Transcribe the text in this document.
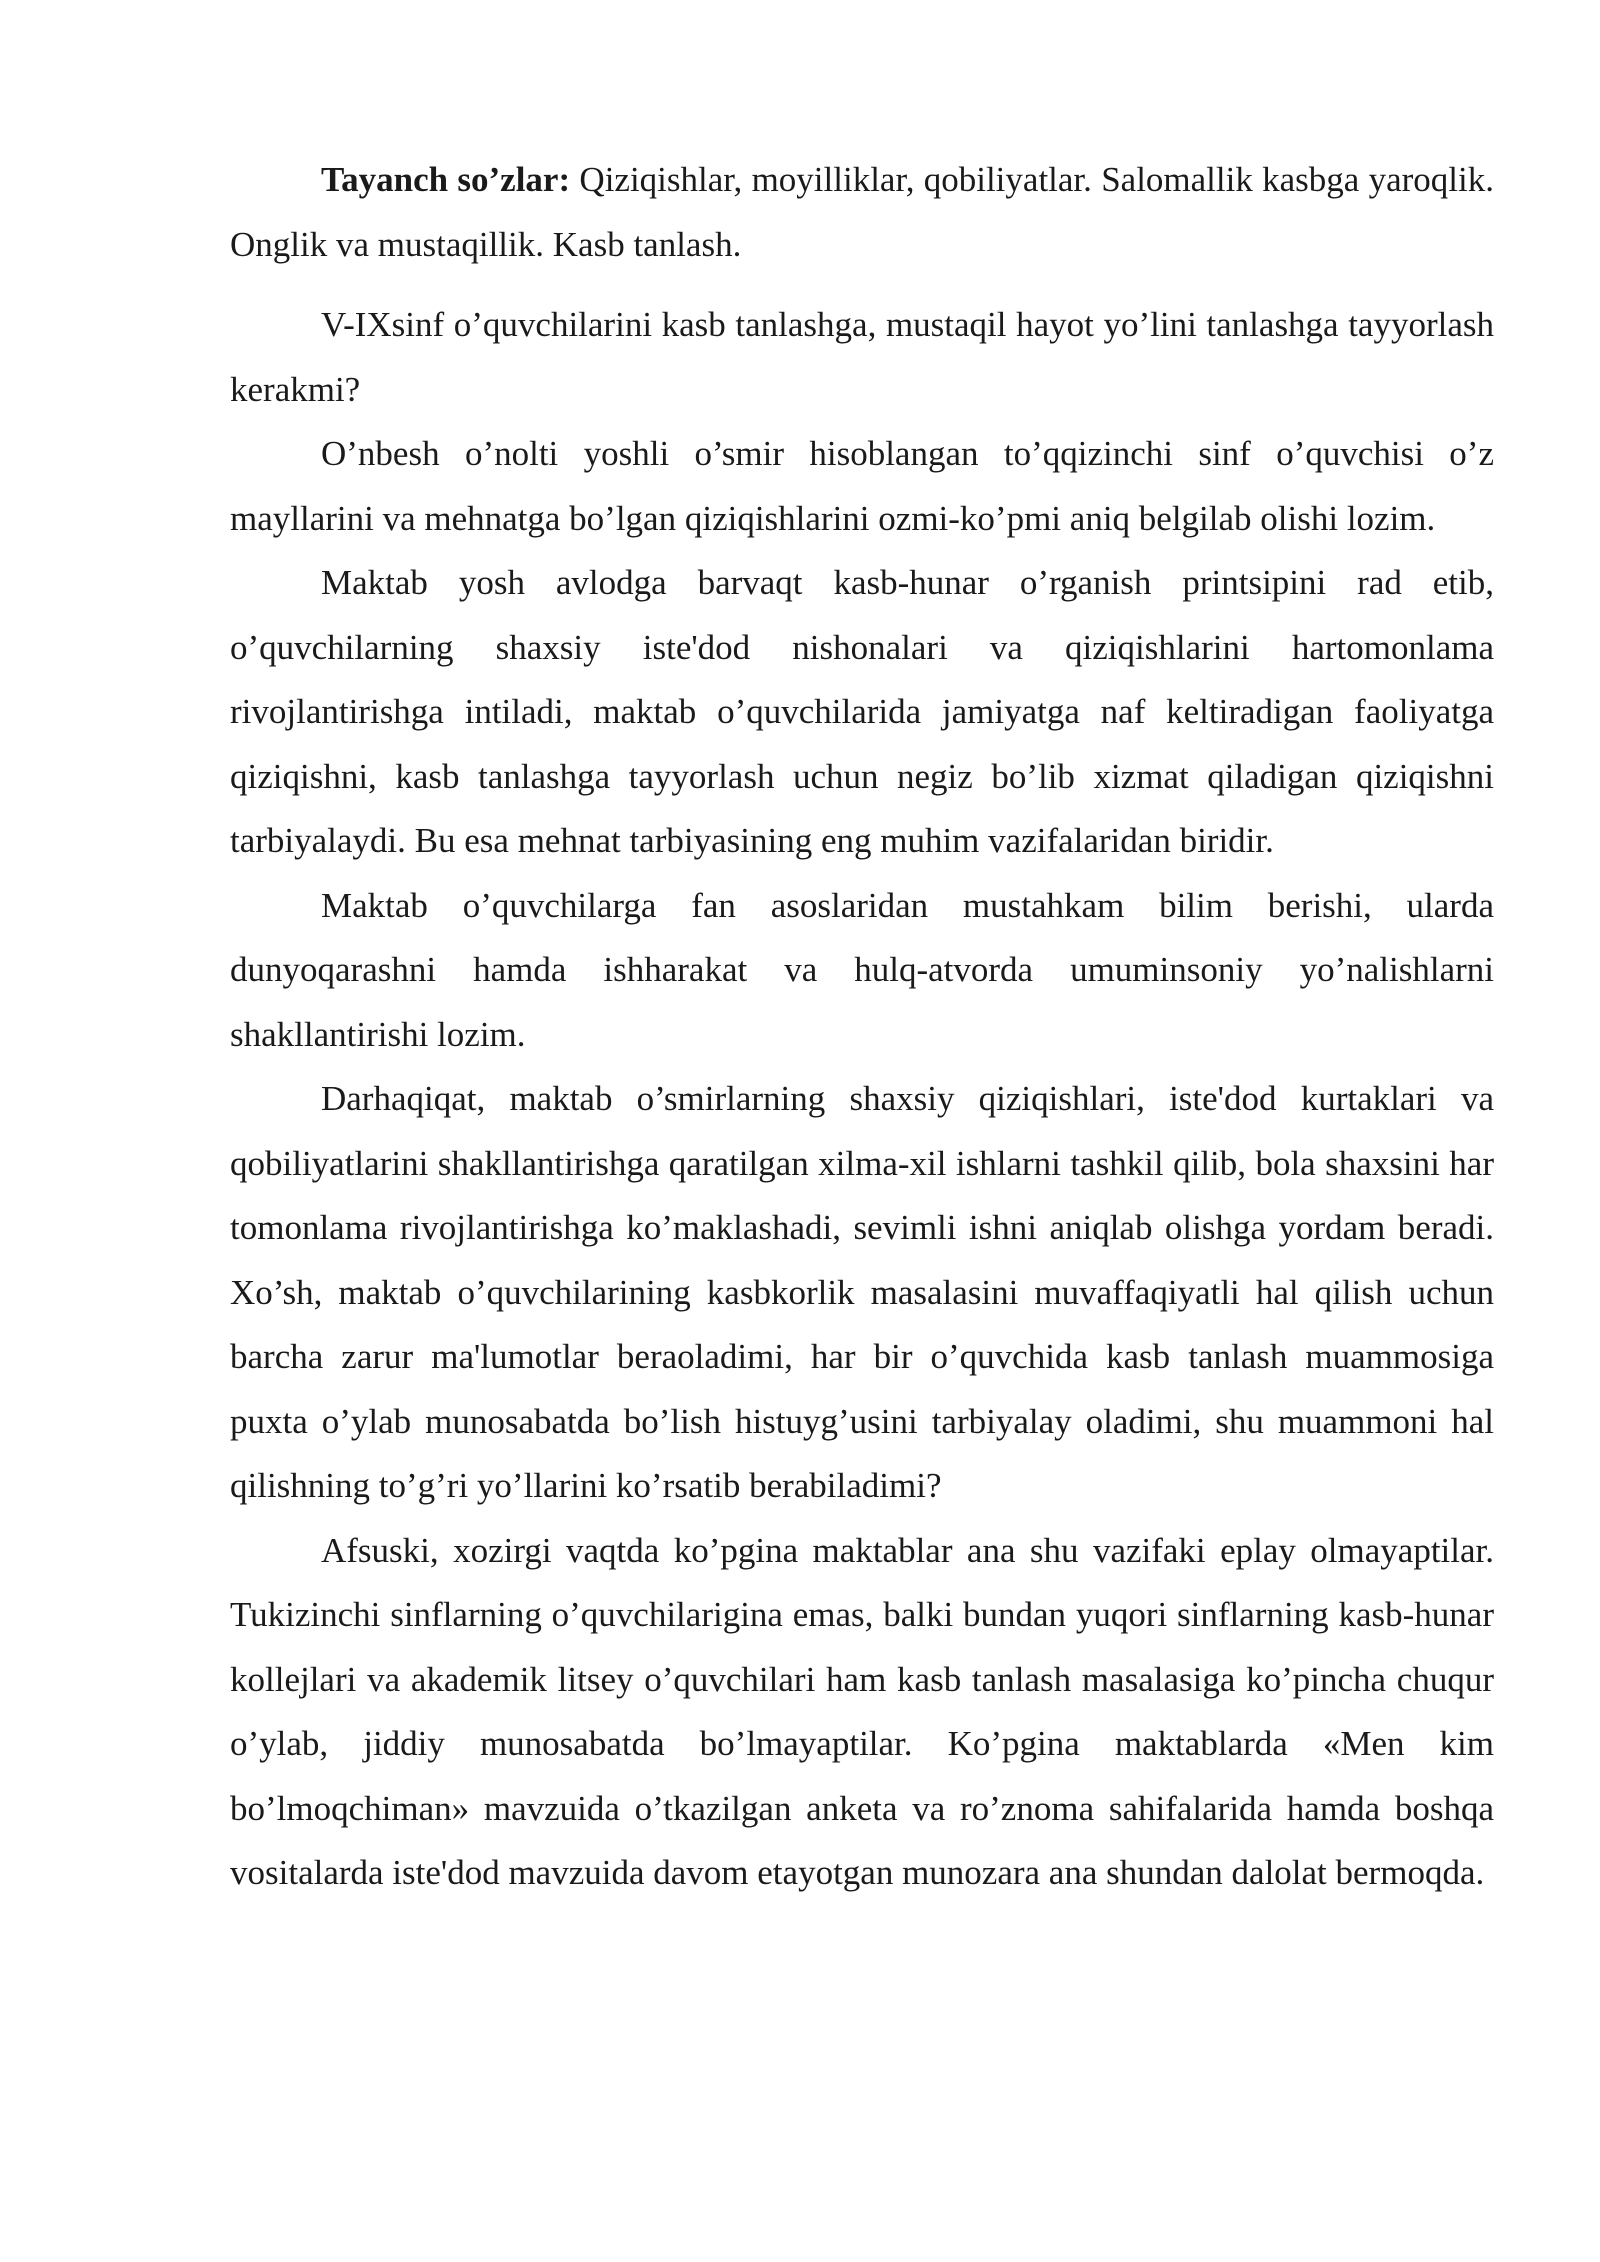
Tayanch so’zlar: Qiziqishlar, moyilliklar, qobiliyatlar. Salomallik kasbga yaroqlik. Onglik va mustaqillik. Kasb tanlash.

V-IXsinf o’quvchilarini kasb tanlashga, mustaqil hayot yo’lini tanlashga tayyorlash kerakmi?

O’nbesh o’nolti yoshli o’smir hisoblangan to’qqizinchi sinf o’quvchisi o’z mayllarini va mehnatga bo’lgan qiziqishlarini ozmi-ko’pmi aniq belgilab olishi lozim.

Maktab yosh avlodga barvaqt kasb-hunar o’rganish printsipini rad etib, o’quvchilarning shaxsiy iste'dod nishonalari va qiziqishlarini hartomonlama rivojlantirishga intiladi, maktab o’quvchilarida jamiyatga naf keltiradigan faoliyatga qiziqishni, kasb tanlashga tayyorlash uchun negiz bo’lib xizmat qiladigan qiziqishni tarbiyalaydi. Bu esa mehnat tarbiyasining eng muhim vazifalaridan biridir.

Maktab o’quvchilarga fan asoslaridan mustahkam bilim berishi, ularda dunyoqarashni hamda ishharakat va hulq-atvorda umuminsoniy yo’nalishlarni shakllantirishi lozim.

Darhaqiqat, maktab o’smirlarning shaxsiy qiziqishlari, iste'dod kurtaklari va qobiliyatlarini shakllantirishga qaratilgan xilma-xil ishlarni tashkil qilib, bola shaxsini har tomonlama rivojlantirishga ko’maklashadi, sevimli ishni aniqlab olishga yordam beradi. Xo’sh, maktab o’quvchilarining kasbkorlik masalasini muvaffaqiyatli hal qilish uchun barcha zarur ma'lumotlar beraoladimi, har bir o’quvchida kasb tanlash muammosiga puxta o’ylab munosabatda bo’lish histuyg’usini tarbiyalay oladimi, shu muammoni hal qilishning to’g’ri yo’llarini ko’rsatib berabiladimi?

Afsuski, xozirgi vaqtda ko’pgina maktablar ana shu vazifaki eplay olmayaptilar. Tukizinchi sinflarning o’quvchilarigina emas, balki bundan yuqori sinflarning kasb-hunar kollejlari va akademik litsey o’quvchilari ham kasb tanlash masalasiga ko’pincha chuqur o’ylab, jiddiy munosabatda bo’lmayaptilar. Ko’pgina maktablarda «Men kim bo’lmoqchiman» mavzuida o’tkazilgan anketa va ro’znoma sahifalarida hamda boshqa vositalarda iste'dod mavzuida davom etayotgan munozara ana shundan dalolat bermoqda.
